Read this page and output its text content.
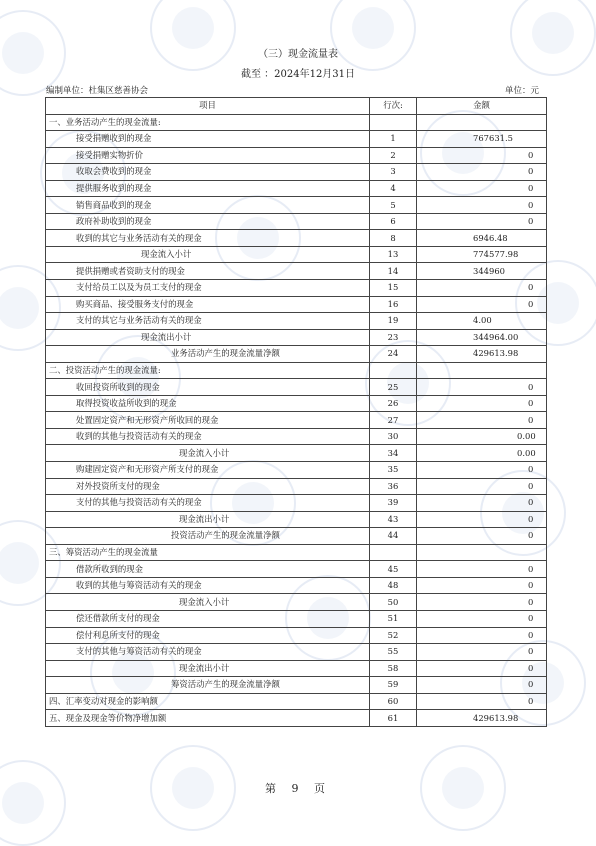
（三）现金流量表
截至 ：2024年12月31日
编制单位：杜集区慈善协会	单位：元
项目	行次:	金额
一、业务活动产生的现金流量:		
接受捐赠收到的现金	1	767631.5
接受捐赠实物折价	2	0
收取会费收到的现金	3	0
提供服务收到的现金	4	0
销售商品收到的现金	5	0
政府补助收到的现金	6	0
收到的其它与业务活动有关的现金	8	6946.48
现金流入小计	13	774577.98
提供捐赠或者资助支付的现金	14	344960
支付给员工以及为员工支付的现金	15	0
购买商品、接受服务支付的现金	16	0
支付的其它与业务活动有关的现金	19	4.00
现金流出小计	23	344964.00
业务活动产生的现金流量净额	24	429613.98
二、投资活动产生的现金流量:		
收回投资所收到的现金	25	0
取得投资收益所收到的现金	26	0
处置固定资产和无形资产所收回的现金	27	0
收到的其他与投资活动有关的现金	30	0.00
现金流入小计	34	0.00
购建固定资产和无形资产所支付的现金	35	0
对外投资所支付的现金	36	0
支付的其他与投资活动有关的现金	39	0
现金流出小计	43	0
投资活动产生的现金流量净额	44	0
三、筹资活动产生的现金流量		
借款所收到的现金	45	0
收到的其他与筹资活动有关的现金	48	0
现金流入小计	50	0
偿还借款所支付的现金	51	0
偿付利息所支付的现金	52	0
支付的其他与筹资活动有关的现金	55	0
现金流出小计	58	0
筹资活动产生的现金流量净额	59	0
四、汇率变动对现金的影响额	60	0
五、现金及现金等价物净增加额	61	429613.98
第 9 页
